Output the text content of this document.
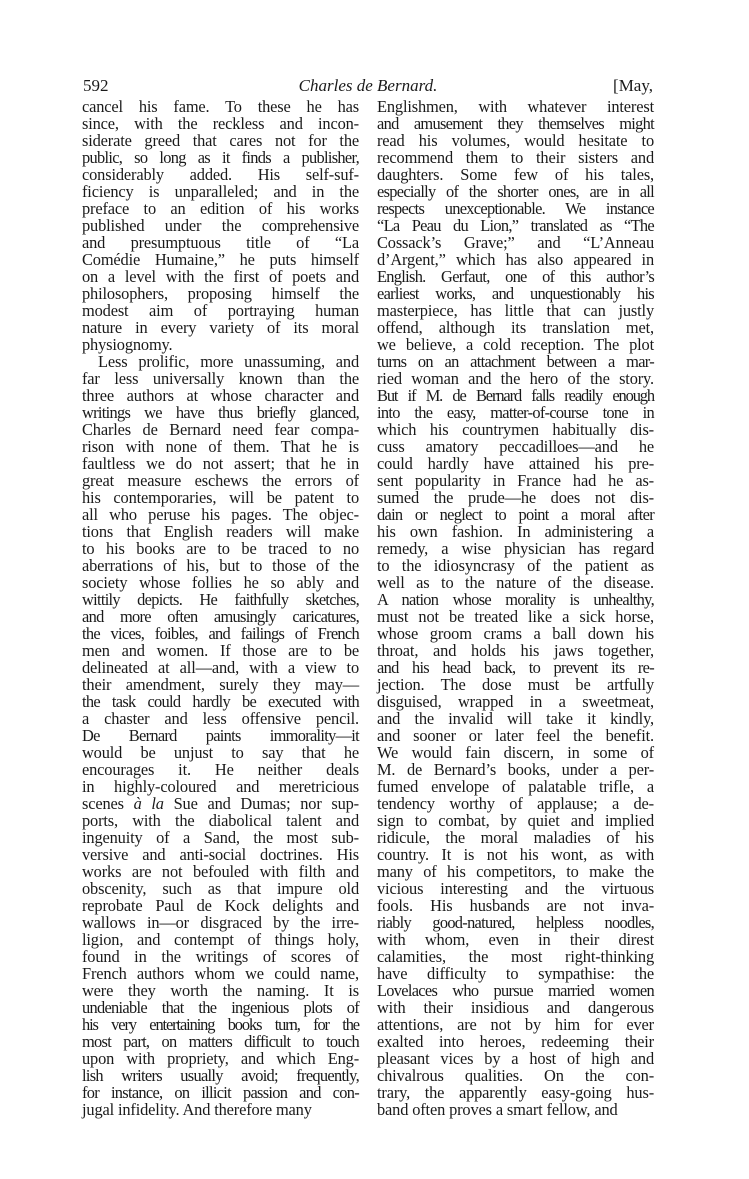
592	Charles de Bernard.	[May,
cancel his fame. To these he has
since, with the reckless and incon-
siderate greed that cares not for the
public, so long as it finds a publisher,
considerably added. His self-suf-
ficiency is unparalleled; and in the
preface to an edition of his works
published under the comprehensive
and presumptuous title of “La
Comédie Humaine,” he puts himself
on a level with the first of poets and
philosophers, proposing himself the
modest aim of portraying human
nature in every variety of its moral
physiognomy.
Less prolific, more unassuming, and
far less universally known than the
three authors at whose character and
writings we have thus briefly glanced,
Charles de Bernard need fear compa-
rison with none of them. That he is
faultless we do not assert; that he in
great measure eschews the errors of
his contemporaries, will be patent to
all who peruse his pages. The objec-
tions that English readers will make
to his books are to be traced to no
aberrations of his, but to those of the
society whose follies he so ably and
wittily depicts. He faithfully sketches,
and more often amusingly caricatures,
the vices, foibles, and failings of French
men and women. If those are to be
delineated at all—and, with a view to
their amendment, surely they may—
the task could hardly be executed with
a chaster and less offensive pencil.
De Bernard paints immorality—it
would be unjust to say that he
encourages it. He neither deals
in highly-coloured and meretricious
scenes à la Sue and Dumas; nor sup-
ports, with the diabolical talent and
ingenuity of a Sand, the most sub-
versive and anti-social doctrines. His
works are not befouled with filth and
obscenity, such as that impure old
reprobate Paul de Kock delights and
wallows in—or disgraced by the irre-
ligion, and contempt of things holy,
found in the writings of scores of
French authors whom we could name,
were they worth the naming. It is
undeniable that the ingenious plots of
his very entertaining books turn, for the
most part, on matters difficult to touch
upon with propriety, and which Eng-
lish writers usually avoid; frequently,
for instance, on illicit passion and con-
jugal infidelity. And therefore many
Englishmen, with whatever interest
and amusement they themselves might
read his volumes, would hesitate to
recommend them to their sisters and
daughters. Some few of his tales,
especially of the shorter ones, are in all
respects unexceptionable. We instance
“La Peau du Lion,” translated as “The
Cossack’s Grave;” and “L’Anneau
d’Argent,” which has also appeared in
English. Gerfaut, one of this author’s
earliest works, and unquestionably his
masterpiece, has little that can justly
offend, although its translation met,
we believe, a cold reception. The plot
turns on an attachment between a mar-
ried woman and the hero of the story.
But if M. de Bernard falls readily enough
into the easy, matter-of-course tone in
which his countrymen habitually dis-
cuss amatory peccadilloes—and he
could hardly have attained his pre-
sent popularity in France had he as-
sumed the prude—he does not dis-
dain or neglect to point a moral after
his own fashion. In administering a
remedy, a wise physician has regard
to the idiosyncrasy of the patient as
well as to the nature of the disease.
A nation whose morality is unhealthy,
must not be treated like a sick horse,
whose groom crams a ball down his
throat, and holds his jaws together,
and his head back, to prevent its re-
jection. The dose must be artfully
disguised, wrapped in a sweetmeat,
and the invalid will take it kindly,
and sooner or later feel the benefit.
We would fain discern, in some of
M. de Bernard’s books, under a per-
fumed envelope of palatable trifle, a
tendency worthy of applause; a de-
sign to combat, by quiet and implied
ridicule, the moral maladies of his
country. It is not his wont, as with
many of his competitors, to make the
vicious interesting and the virtuous
fools. His husbands are not inva-
riably good-natured, helpless noodles,
with whom, even in their direst
calamities, the most right-thinking
have difficulty to sympathise: the
Lovelaces who pursue married women
with their insidious and dangerous
attentions, are not by him for ever
exalted into heroes, redeeming their
pleasant vices by a host of high and
chivalrous qualities. On the con-
trary, the apparently easy-going hus-
band often proves a smart fellow, and
